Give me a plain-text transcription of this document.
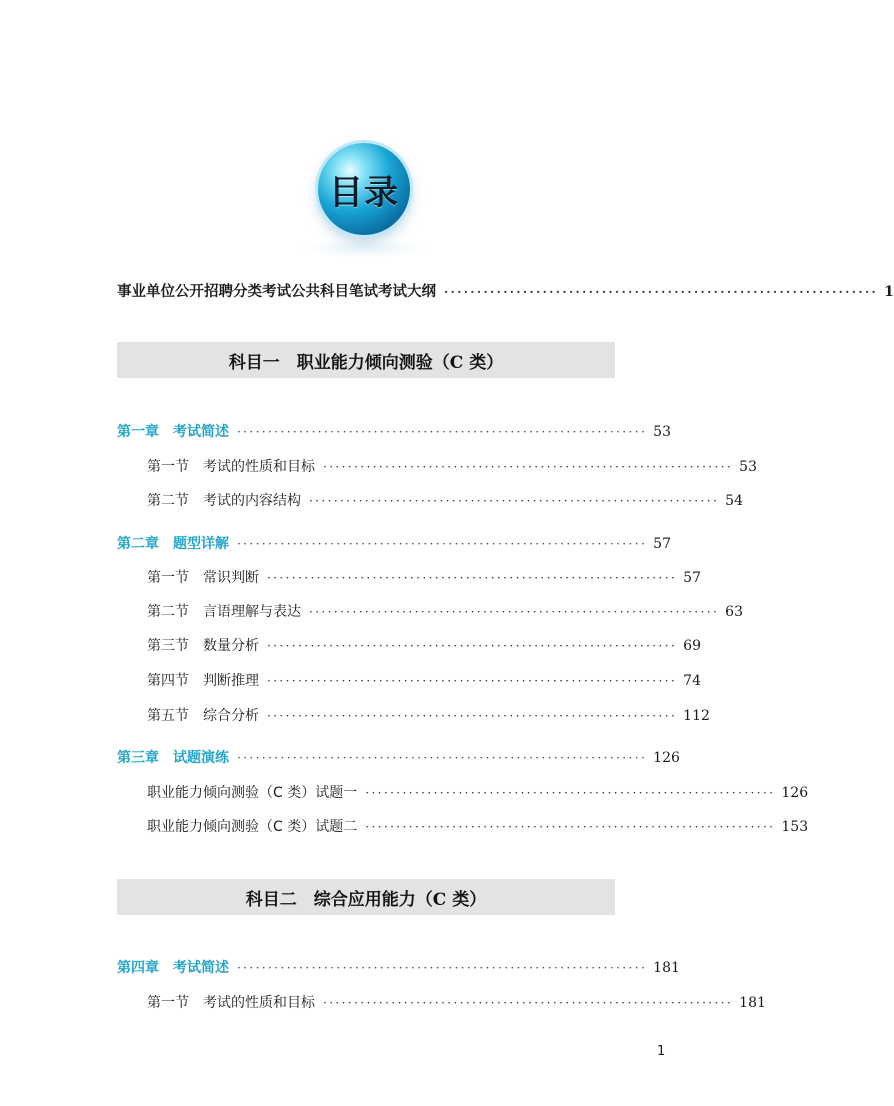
目录
事业单位公开招聘分类考试公共科目笔试考试大纲 ·································································· 1
科目一　职业能力倾向测验（C 类）
第一章　考试简述 ·································································· 53
第一节　考试的性质和目标 ·································································· 53
第二节　考试的内容结构 ·································································· 54
第二章　题型详解 ·································································· 57
第一节　常识判断 ·································································· 57
第二节　言语理解与表达 ·································································· 63
第三节　数量分析 ·································································· 69
第四节　判断推理 ·································································· 74
第五节　综合分析 ·································································· 112
第三章　试题演练 ·································································· 126
职业能力倾向测验（C 类）试题一 ·································································· 126
职业能力倾向测验（C 类）试题二 ·································································· 153
科目二　综合应用能力（C 类）
第四章　考试简述 ·································································· 181
第一节　考试的性质和目标 ·································································· 181
1
